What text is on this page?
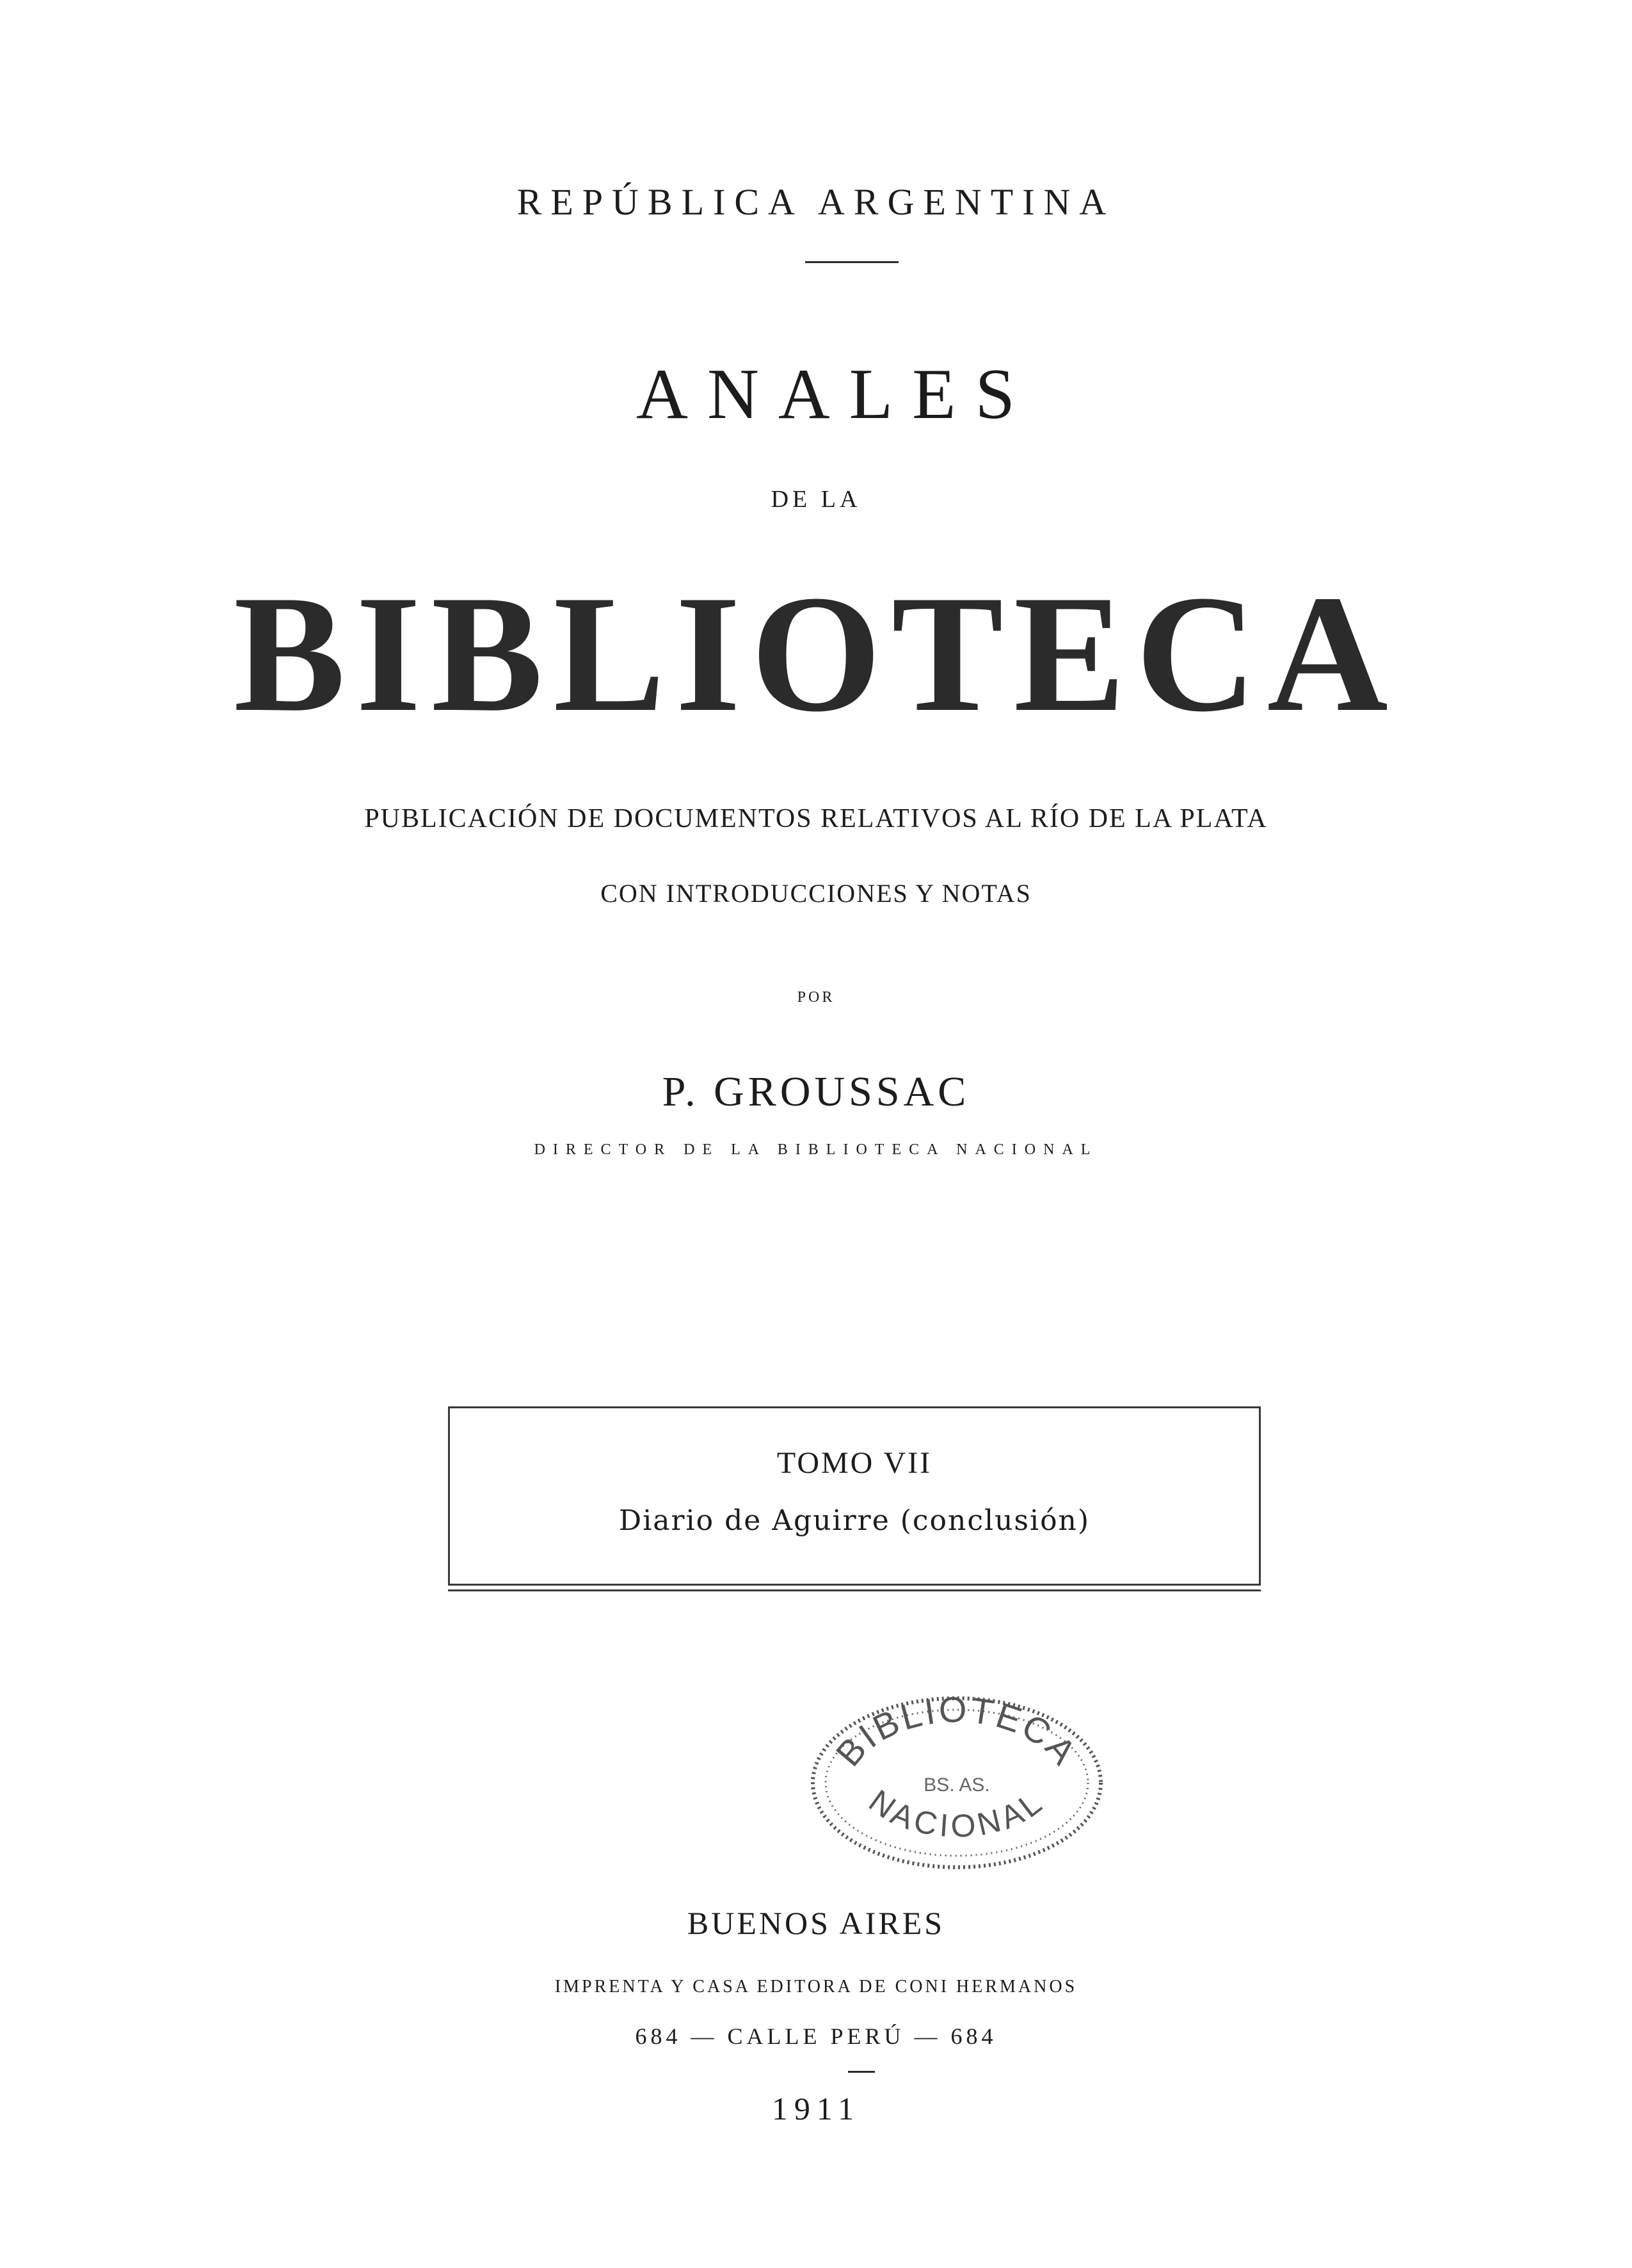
REPÚBLICA ARGENTINA
ANALES
DE LA
BIBLIOTECA
PUBLICACIÓN DE DOCUMENTOS RELATIVOS AL RÍO DE LA PLATA
CON INTRODUCCIONES Y NOTAS
POR
P. GROUSSAC
DIRECTOR DE LA BIBLIOTECA NACIONAL
TOMO VII
Diario de Aguirre (conclusión)
BIBLIOTECA
BS. AS.
NACIONAL
BUENOS AIRES
IMPRENTA Y CASA EDITORA DE CONI HERMANOS
684 — CALLE PERÚ — 684
1911
